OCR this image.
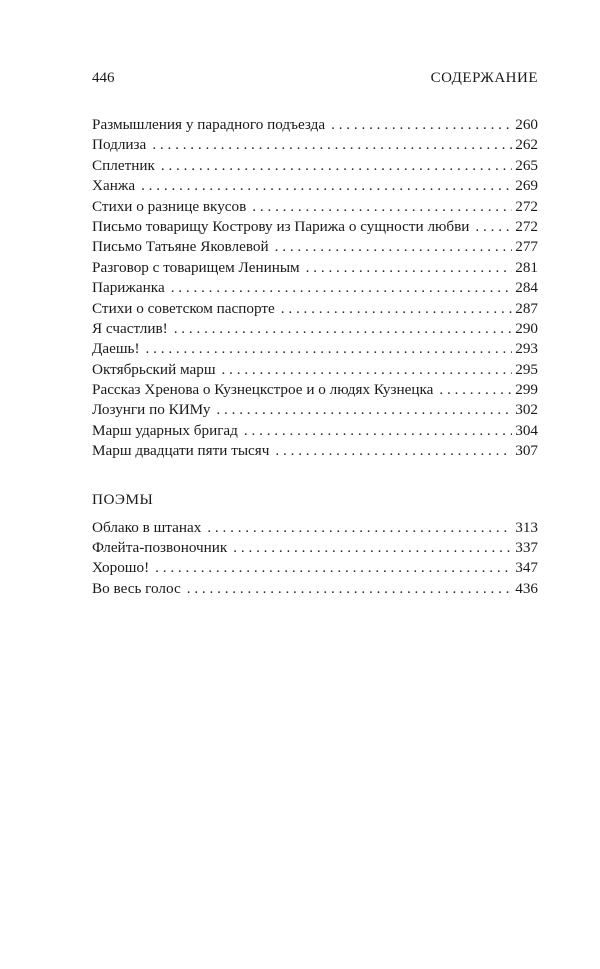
446	СОДЕРЖАНИЕ
Размышления у парадного подъезда . . .	260
Подлиза . . .	262
Сплетник . . .	265
Ханжа . . .	269
Стихи о разнице вкусов . . .	272
Письмо товарищу Кострову из Парижа о сущности любви . . .	272
Письмо Татьяне Яковлевой . . .	277
Разговор с товарищем Лениным . . .	281
Парижанка . . .	284
Стихи о советском паспорте . . .	287
Я счастлив! . . .	290
Даешь! . . .	293
Октябрьский марш . . .	295
Рассказ Хренова о Кузнецкстрое и о людях Кузнецка . . .	299
Лозунги по КИМу . . .	302
Марш ударных бригад . . .	304
Марш двадцати пяти тысяч . . .	307
ПОЭМЫ
Облако в штанах . . .	313
Флейта-позвоночник . . .	337
Хорошо! . . .	347
Во весь голос . . .	436
